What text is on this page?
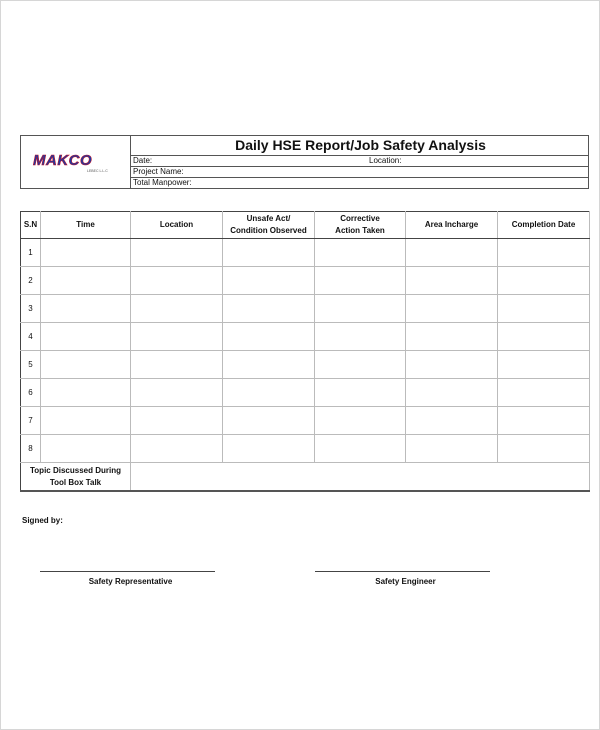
MAKCO
LEBEC L.L.C
Daily HSE Report/Job Safety Analysis
Date:	Location:
Project Name:
Total Manpower:
S.N	Time	Location	Unsafe Act/ Condition Observed	Corrective Action Taken	Area Incharge	Completion Date
1						
2						
3						
4						
5						
6						
7						
8						
Topic Discussed During Tool Box Talk						
Signed by:
Safety Representative	Safety Engineer
